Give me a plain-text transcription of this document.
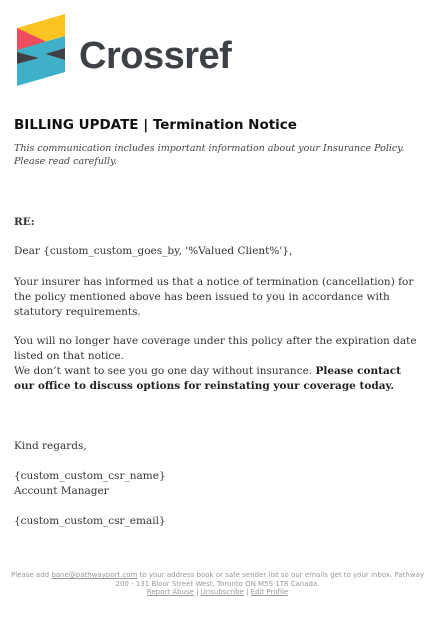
Crossref
BILLING UPDATE | Termination Notice
This communication includes important information about your Insurance Policy. Please read carefully.
RE:
Dear {custom_custom_goes_by, '%Valued Client%'},
Your insurer has informed us that a notice of termination (cancellation) for the policy mentioned above has been issued to you in accordance with statutory requirements.
You will no longer have coverage under this policy after the expiration date listed on that notice.
We don’t want to see you go one day without insurance. Please contact our office to discuss options for reinstating your coverage today.
Kind regards,
{custom_custom_csr_name}
Account Manager
{custom_custom_csr_email}
Please add bane@pathwayport.com to your address book or safe sender list so our emails get to your inbox. Pathway 200 - 131 Bloor Street West, Toronto ON M5S 1T8 Canada.
Report Abuse | Unsubscribe | Edit Profile
